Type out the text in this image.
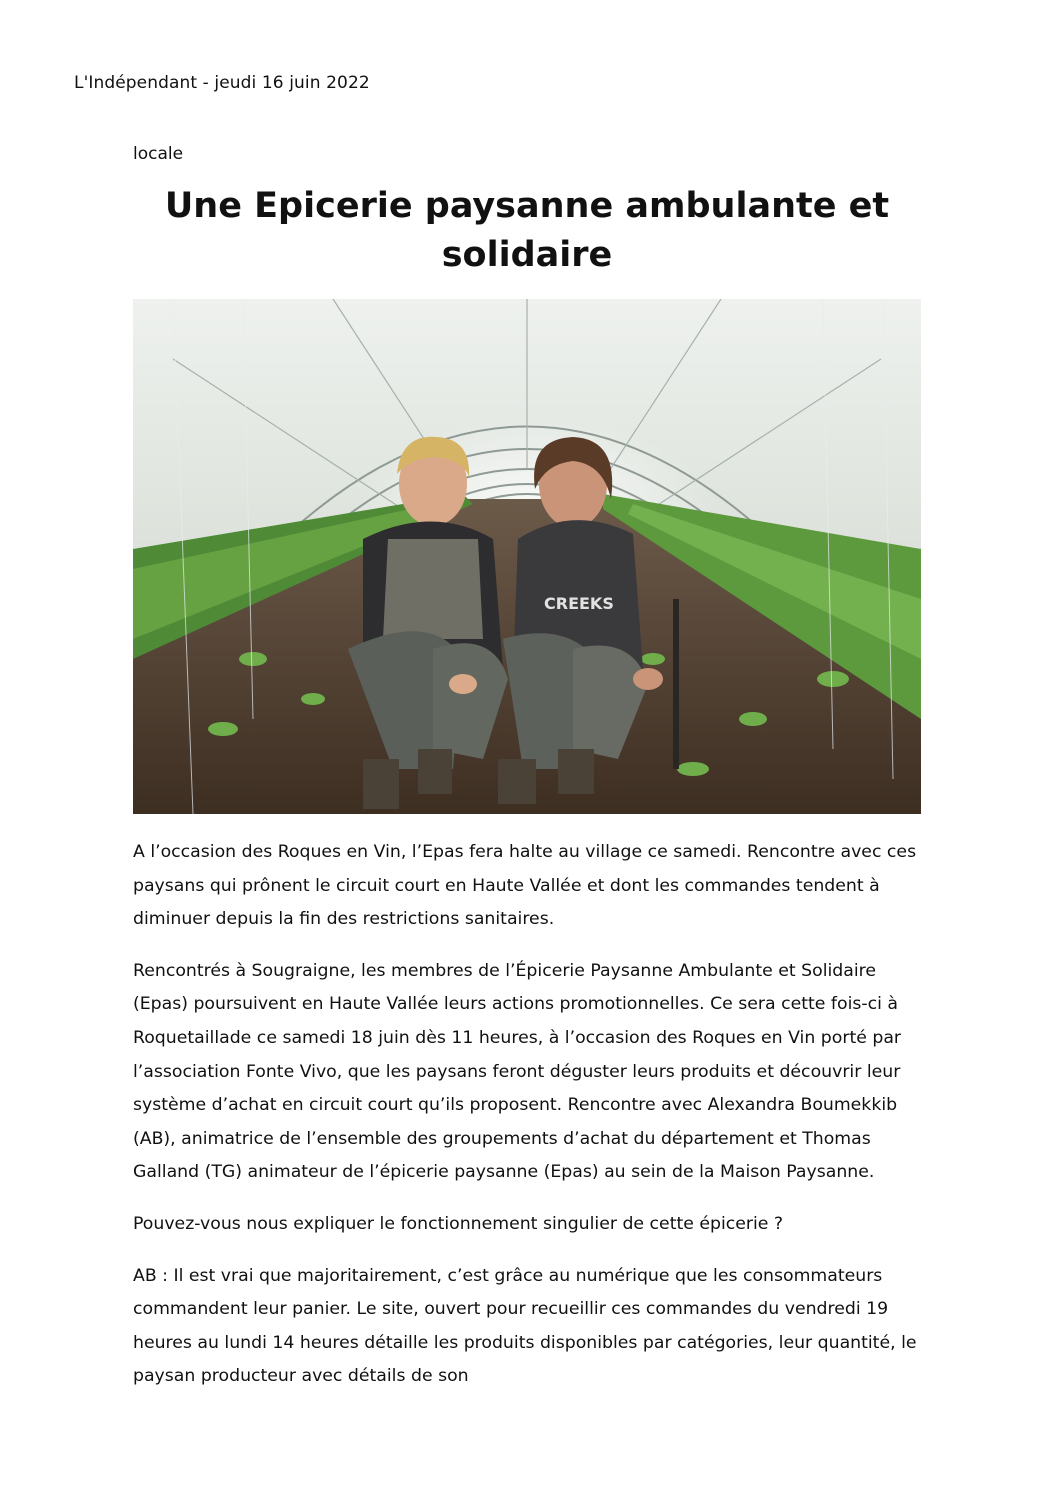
L'Indépendant - jeudi 16 juin 2022
locale
Une Epicerie paysanne ambulante et solidaire
CREEKS

A l’occasion des Roques en Vin, l’Epas fera halte au village ce samedi. Rencontre avec ces paysans qui prônent le circuit court en Haute Vallée et dont les commandes tendent à diminuer depuis la fin des restrictions sanitaires.

Rencontrés à Sougraigne, les membres de l’Épicerie Paysanne Ambulante et Solidaire (Epas) poursuivent en Haute Vallée leurs actions promotionnelles. Ce sera cette fois-ci à Roquetaillade ce samedi 18 juin dès 11 heures, à l’occasion des Roques en Vin porté par l’association Fonte Vivo, que les paysans feront déguster leurs produits et découvrir leur système d’achat en circuit court qu’ils proposent. Rencontre avec Alexandra Boumekkib (AB), animatrice de l’ensemble des groupements d’achat du département et Thomas Galland (TG) animateur de l’épicerie paysanne (Epas) au sein de la Maison Paysanne.

Pouvez-vous nous expliquer le fonctionnement singulier de cette épicerie ?

AB : Il est vrai que majoritairement, c’est grâce au numérique que les consommateurs commandent leur panier. Le site, ouvert pour recueillir ces commandes du vendredi 19 heures au lundi 14 heures détaille les produits disponibles par catégories, leur quantité, le paysan producteur avec détails de son
